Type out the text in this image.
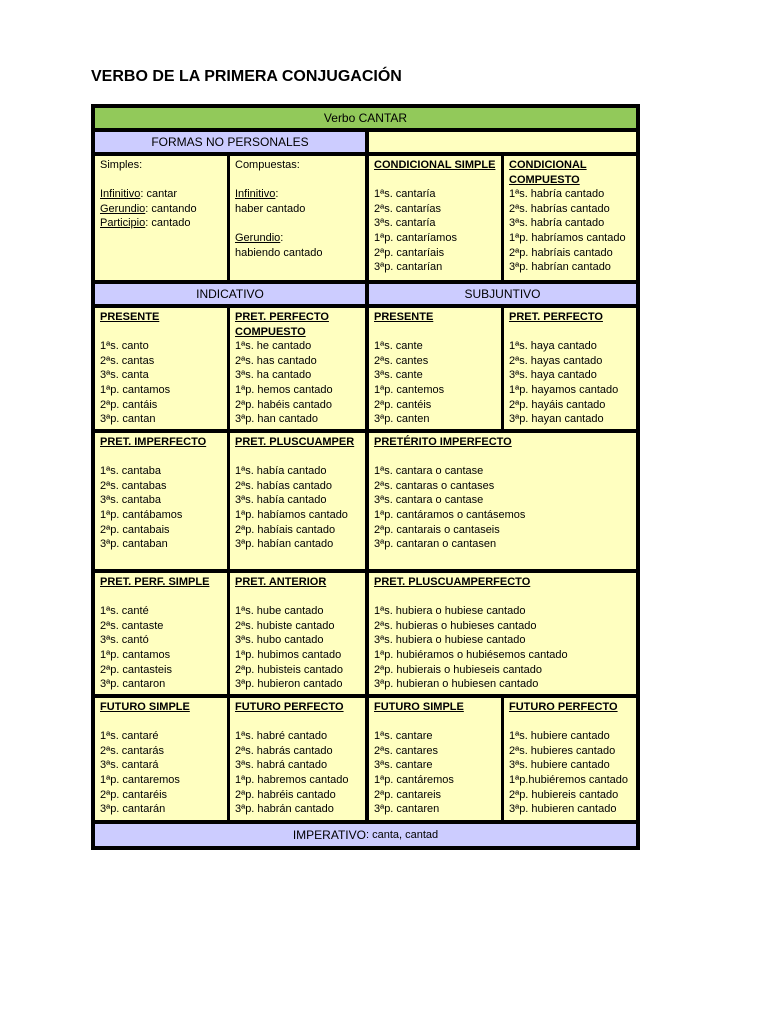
VERBO DE LA PRIMERA CONJUGACIÓN
Verbo CANTAR
FORMAS NO PERSONALES
Simples:
Infinitivo: cantar
Gerundio: cantando
Participio: cantado
Compuestas:
Infinitivo:
haber cantado
Gerundio:
habiendo cantado
CONDICIONAL SIMPLE
1ªs. cantaría
2ªs. cantarías
3ªs. cantaría
1ªp. cantaríamos
2ªp. cantaríais
3ªp. cantarían
CONDICIONAL
COMPUESTO
1ªs. habría cantado
2ªs. habrías cantado
3ªs. habría cantado
1ªp. habríamos cantado
2ªp. habríais cantado
3ªp. habrían cantado
INDICATIVO	SUBJUNTIVO
PRESENTE
1ªs. canto
2ªs. cantas
3ªs. canta
1ªp. cantamos
2ªp. cantáis
3ªp. cantan
PRET. PERFECTO
COMPUESTO
1ªs. he cantado
2ªs. has cantado
3ªs. ha cantado
1ªp. hemos cantado
2ªp. habéis cantado
3ªp. han cantado
PRESENTE
1ªs. cante
2ªs. cantes
3ªs. cante
1ªp. cantemos
2ªp. cantéis
3ªp. canten
PRET. PERFECTO
1ªs. haya cantado
2ªs. hayas cantado
3ªs. haya cantado
1ªp. hayamos cantado
2ªp. hayáis cantado
3ªp. hayan cantado
PRET. IMPERFECTO
1ªs. cantaba
2ªs. cantabas
3ªs. cantaba
1ªp. cantábamos
2ªp. cantabais
3ªp. cantaban
PRET. PLUSCUAMPER
1ªs. había cantado
2ªs. habías cantado
3ªs. había cantado
1ªp. habíamos cantado
2ªp. habíais cantado
3ªp. habían cantado
PRETÉRITO IMPERFECTO
1ªs. cantara o cantase
2ªs. cantaras o cantases
3ªs. cantara o cantase
1ªp. cantáramos o cantásemos
2ªp. cantarais o cantaseis
3ªp. cantaran o cantasen
PRET. PERF. SIMPLE
1ªs. canté
2ªs. cantaste
3ªs. cantó
1ªp. cantamos
2ªp. cantasteis
3ªp. cantaron
PRET. ANTERIOR
1ªs. hube cantado
2ªs. hubiste cantado
3ªs. hubo cantado
1ªp. hubimos cantado
2ªp. hubisteis cantado
3ªp. hubieron cantado
PRET. PLUSCUAMPERFECTO
1ªs. hubiera o hubiese cantado
2ªs. hubieras o hubieses cantado
3ªs. hubiera o hubiese cantado
1ªp. hubiéramos o hubiésemos cantado
2ªp. hubierais o hubieseis cantado
3ªp. hubieran o hubiesen cantado
FUTURO SIMPLE
1ªs. cantaré
2ªs. cantarás
3ªs. cantará
1ªp. cantaremos
2ªp. cantaréis
3ªp. cantarán
FUTURO PERFECTO
1ªs. habré cantado
2ªs. habrás cantado
3ªs. habrá cantado
1ªp. habremos cantado
2ªp. habréis cantado
3ªp. habrán cantado
FUTURO SIMPLE
1ªs. cantare
2ªs. cantares
3ªs. cantare
1ªp. cantáremos
2ªp. cantareis
3ªp. cantaren
FUTURO PERFECTO
1ªs. hubiere cantado
2ªs. hubieres cantado
3ªs. hubiere cantado
1ªp.hubiéremos cantado
2ªp. hubiereis cantado
3ªp. hubieren cantado
IMPERATIVO : canta, cantad
